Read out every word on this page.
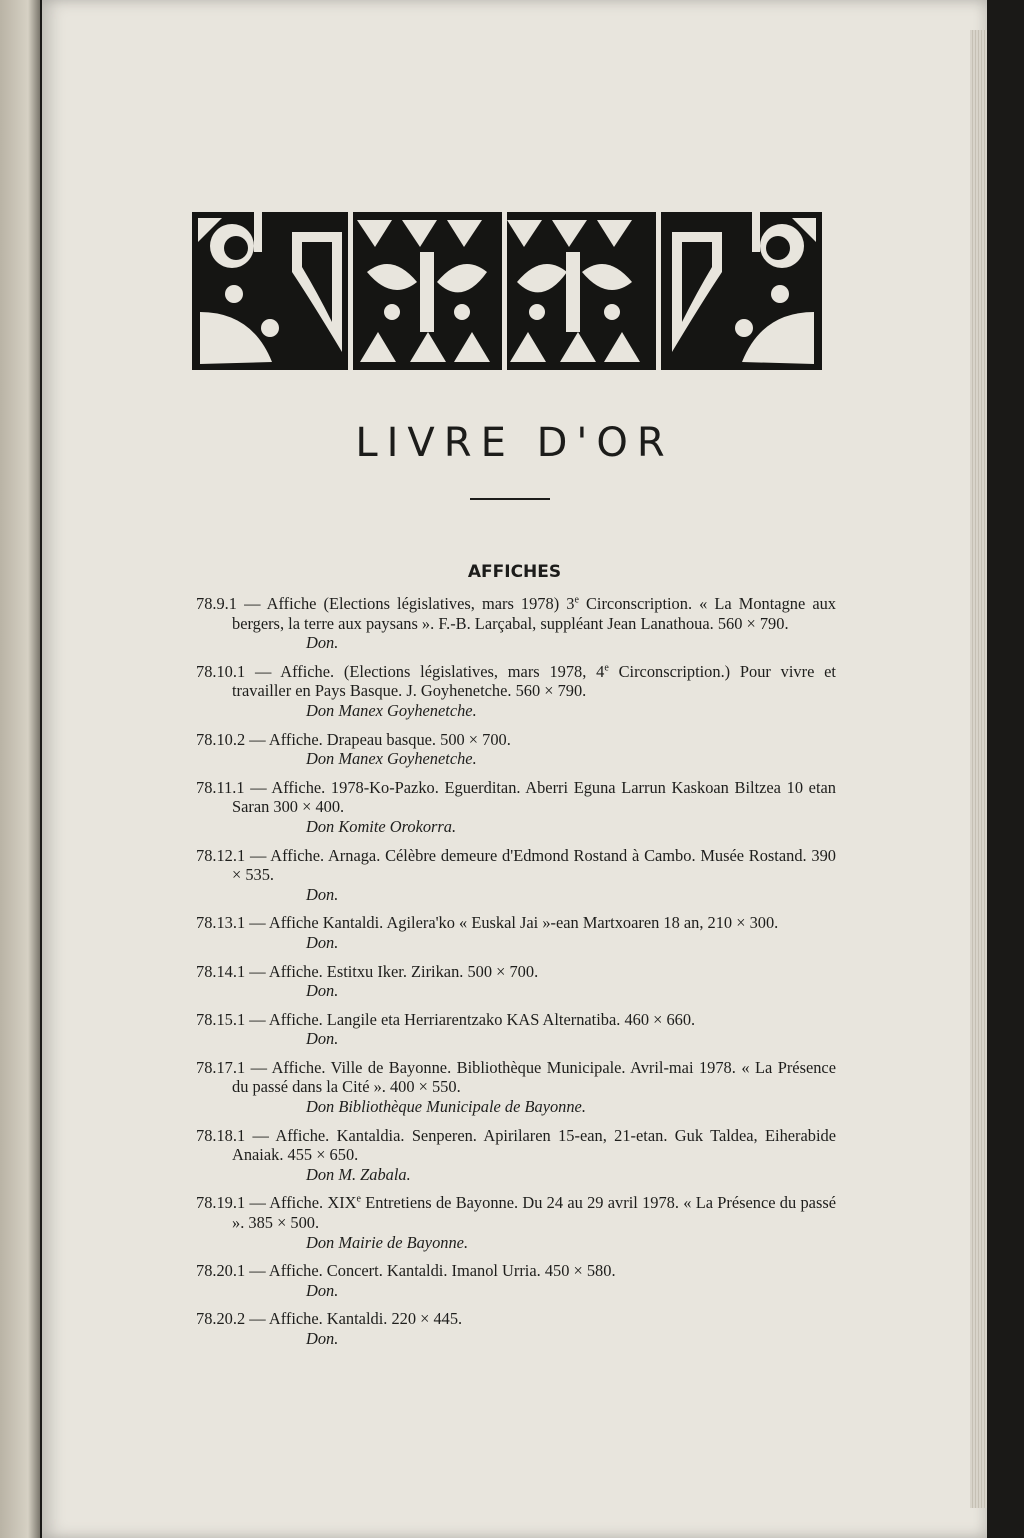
LIVRE D'OR
AFFICHES
78.9.1 — Affiche (Elections législatives, mars 1978) 3e Circonscription. « La Montagne aux bergers, la terre aux paysans ». F.-B. Larçabal, suppléant Jean Lanathoua. 560 × 790.
Don.
78.10.1 — Affiche. (Elections législatives, mars 1978, 4e Circonscription.) Pour vivre et travailler en Pays Basque. J. Goyhenetche. 560 × 790.
Don Manex Goyhenetche.
78.10.2 — Affiche. Drapeau basque. 500 × 700.
Don Manex Goyhenetche.
78.11.1 — Affiche. 1978-Ko-Pazko. Eguerditan. Aberri Eguna Larrun Kaskoan Biltzea 10 etan Saran 300 × 400.
Don Komite Orokorra.
78.12.1 — Affiche. Arnaga. Célèbre demeure d'Edmond Rostand à Cambo. Musée Rostand. 390 × 535.
Don.
78.13.1 — Affiche Kantaldi. Agilera'ko « Euskal Jai »-ean Martxoaren 18 an, 210 × 300.
Don.
78.14.1 — Affiche. Estitxu Iker. Zirikan. 500 × 700.
Don.
78.15.1 — Affiche. Langile eta Herriarentzako KAS Alternatiba. 460 × 660.
Don.
78.17.1 — Affiche. Ville de Bayonne. Bibliothèque Municipale. Avril-mai 1978. « La Présence du passé dans la Cité ». 400 × 550.
Don Bibliothèque Municipale de Bayonne.
78.18.1 — Affiche. Kantaldia. Senperen. Apirilaren 15-ean, 21-etan. Guk Taldea, Eiherabide Anaiak. 455 × 650.
Don M. Zabala.
78.19.1 — Affiche. XIXe Entretiens de Bayonne. Du 24 au 29 avril 1978. « La Présence du passé ». 385 × 500.
Don Mairie de Bayonne.
78.20.1 — Affiche. Concert. Kantaldi. Imanol Urria. 450 × 580.
Don.
78.20.2 — Affiche. Kantaldi. 220 × 445.
Don.
